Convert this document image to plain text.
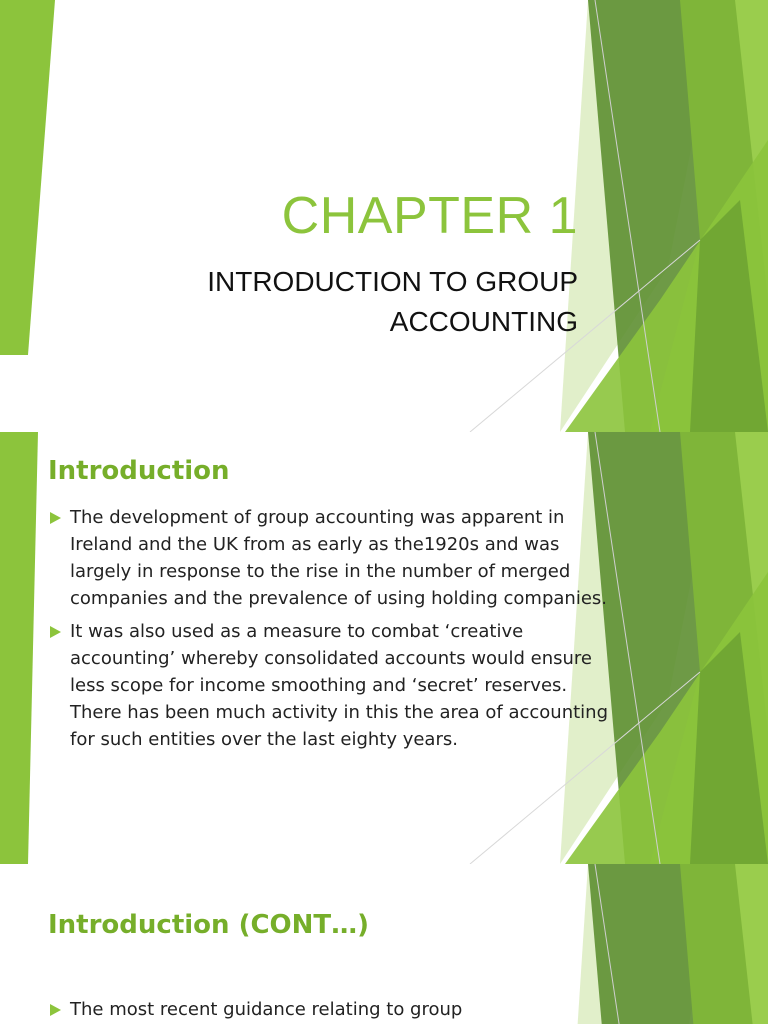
CHAPTER 1
INTRODUCTION TO GROUP
ACCOUNTING
Introduction
The development of group accounting was apparent in Ireland and the UK from as early as the1920s and was largely in response to the rise in the number of merged companies and the prevalence of using holding companies.
It was also used as a measure to combat ‘creative accounting’ whereby consolidated accounts would ensure less scope for income smoothing and ‘secret’ reserves. There has been much activity in this the area of accounting for such entities over the last eighty years.
Introduction (CONT…)
The most recent guidance relating to group
